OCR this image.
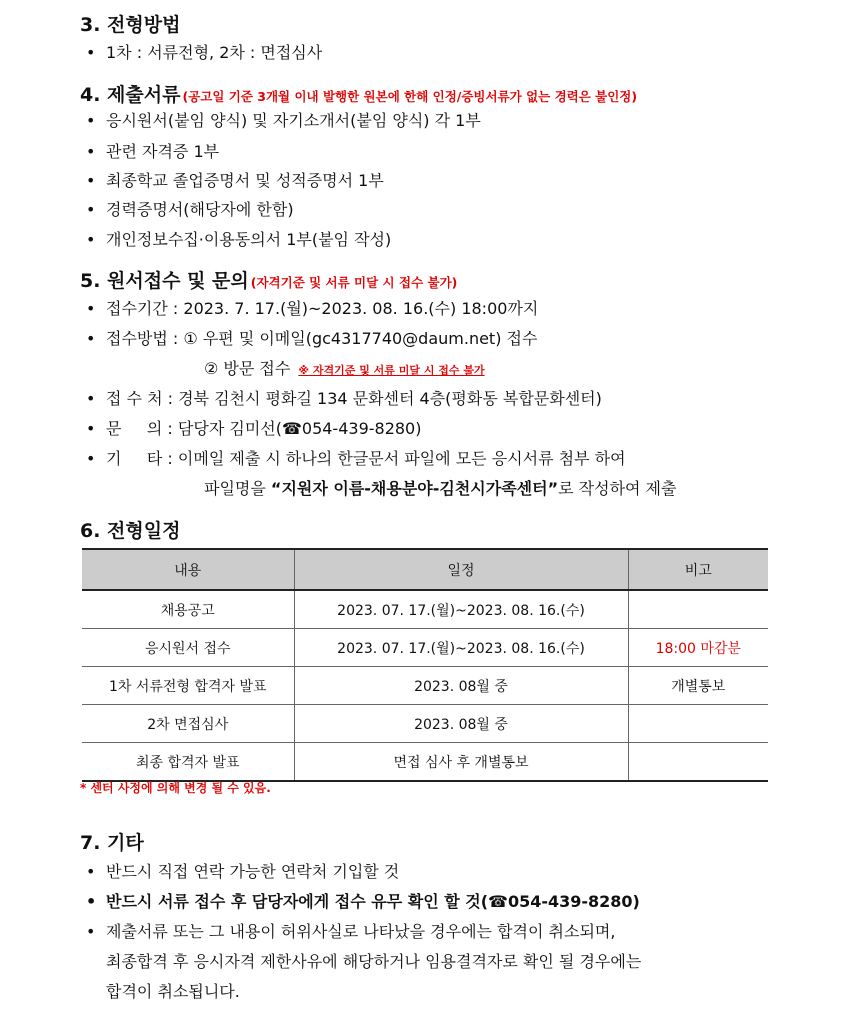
3. 전형방법
• 1차 : 서류전형, 2차 : 면접심사
4. 제출서류 (공고일 기준 3개월 이내 발행한 원본에 한해 인정/증빙서류가 없는 경력은 불인정)
• 응시원서(붙임 양식) 및 자기소개서(붙임 양식) 각 1부
• 관련 자격증 1부
• 최종학교 졸업증명서 및 성적증명서 1부
• 경력증명서(해당자에 한함)
• 개인정보수집·이용동의서 1부(붙임 작성)
5. 원서접수 및 문의 (자격기준 및 서류 미달 시 접수 불가)
• 접수기간 : 2023. 7. 17.(월)~2023. 08. 16.(수) 18:00까지
• 접수방법 : ① 우편 및 이메일(gc4317740@daum.net) 접수
② 방문 접수 ※ 자격기준 및 서류 미달 시 접수 불가
• 접 수 처 : 경북 김천시 평화길 134 문화센터 4층(평화동 복합문화센터)
• 문     의 : 담당자 김미선(☎054-439-8280)
• 기     타 : 이메일 제출 시 하나의 한글문서 파일에 모든 응시서류 첨부 하여
파일명을 “지원자 이름-채용분야-김천시가족센터”로 작성하여 제출
6. 전형일정
내용	일정	비고
채용공고	2023. 07. 17.(월)~2023. 08. 16.(수)	
응시원서 접수	2023. 07. 17.(월)~2023. 08. 16.(수)	18:00 마감분
1차 서류전형 합격자 발표	2023. 08월 중	개별통보
2차 면접심사	2023. 08월 중	
최종 합격자 발표	면접 심사 후 개별통보	
* 센터 사정에 의해 변경 될 수 있음.
7. 기타
• 반드시 직접 연락 가능한 연락처 기입할 것
• 반드시 서류 접수 후 담당자에게 접수 유무 확인 할 것(☎054-439-8280)
• 제출서류 또는 그 내용이 허위사실로 나타났을 경우에는 합격이 취소되며,
최종합격 후 응시자격 제한사유에 해당하거나 임용결격자로 확인 될 경우에는
합격이 취소됩니다.
